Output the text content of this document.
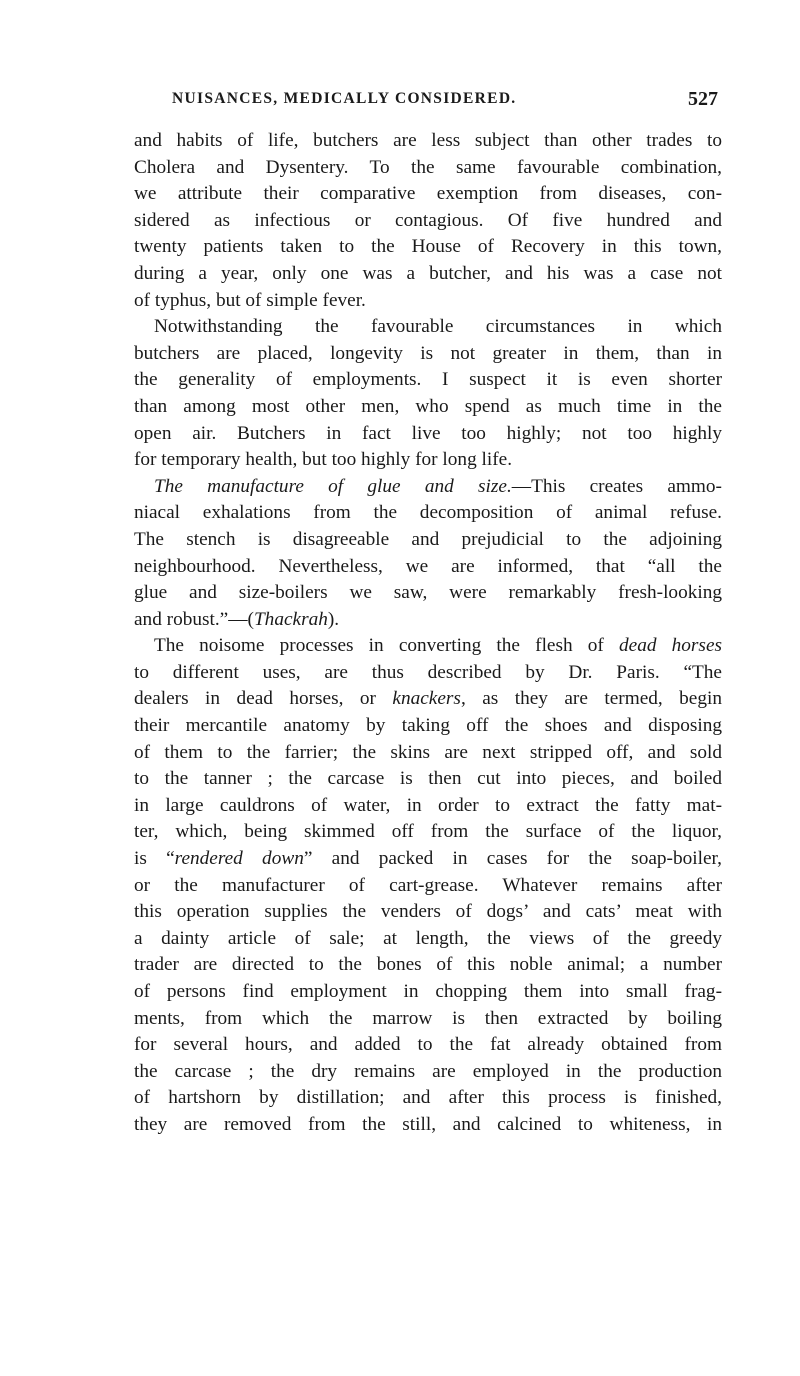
NUISANCES, MEDICALLY CONSIDERED.	527
and habits of life, butchers are less subject than other trades to
Cholera and Dysentery. To the same favourable combination,
we attribute their comparative exemption from diseases, con-
sidered as infectious or contagious. Of five hundred and
twenty patients taken to the House of Recovery in this town,
during a year, only one was a butcher, and his was a case not
of typhus, but of simple fever.
Notwithstanding the favourable circumstances in which
butchers are placed, longevity is not greater in them, than in
the generality of employments. I suspect it is even shorter
than among most other men, who spend as much time in the
open air. Butchers in fact live too highly; not too highly
for temporary health, but too highly for long life.
The manufacture of glue and size.—This creates ammo-
niacal exhalations from the decomposition of animal refuse.
The stench is disagreeable and prejudicial to the adjoining
neighbourhood. Nevertheless, we are informed, that “all the
glue and size-boilers we saw, were remarkably fresh-looking
and robust.”—(Thackrah).
The noisome processes in converting the flesh of dead horses
to different uses, are thus described by Dr. Paris. “The
dealers in dead horses, or knackers, as they are termed, begin
their mercantile anatomy by taking off the shoes and disposing
of them to the farrier; the skins are next stripped off, and sold
to the tanner ; the carcase is then cut into pieces, and boiled
in large cauldrons of water, in order to extract the fatty mat-
ter, which, being skimmed off from the surface of the liquor,
is “rendered down” and packed in cases for the soap-boiler,
or the manufacturer of cart-grease. Whatever remains after
this operation supplies the venders of dogs’ and cats’ meat with
a dainty article of sale; at length, the views of the greedy
trader are directed to the bones of this noble animal; a number
of persons find employment in chopping them into small frag-
ments, from which the marrow is then extracted by boiling
for several hours, and added to the fat already obtained from
the carcase ; the dry remains are employed in the production
of hartshorn by distillation; and after this process is finished,
they are removed from the still, and calcined to whiteness, in
